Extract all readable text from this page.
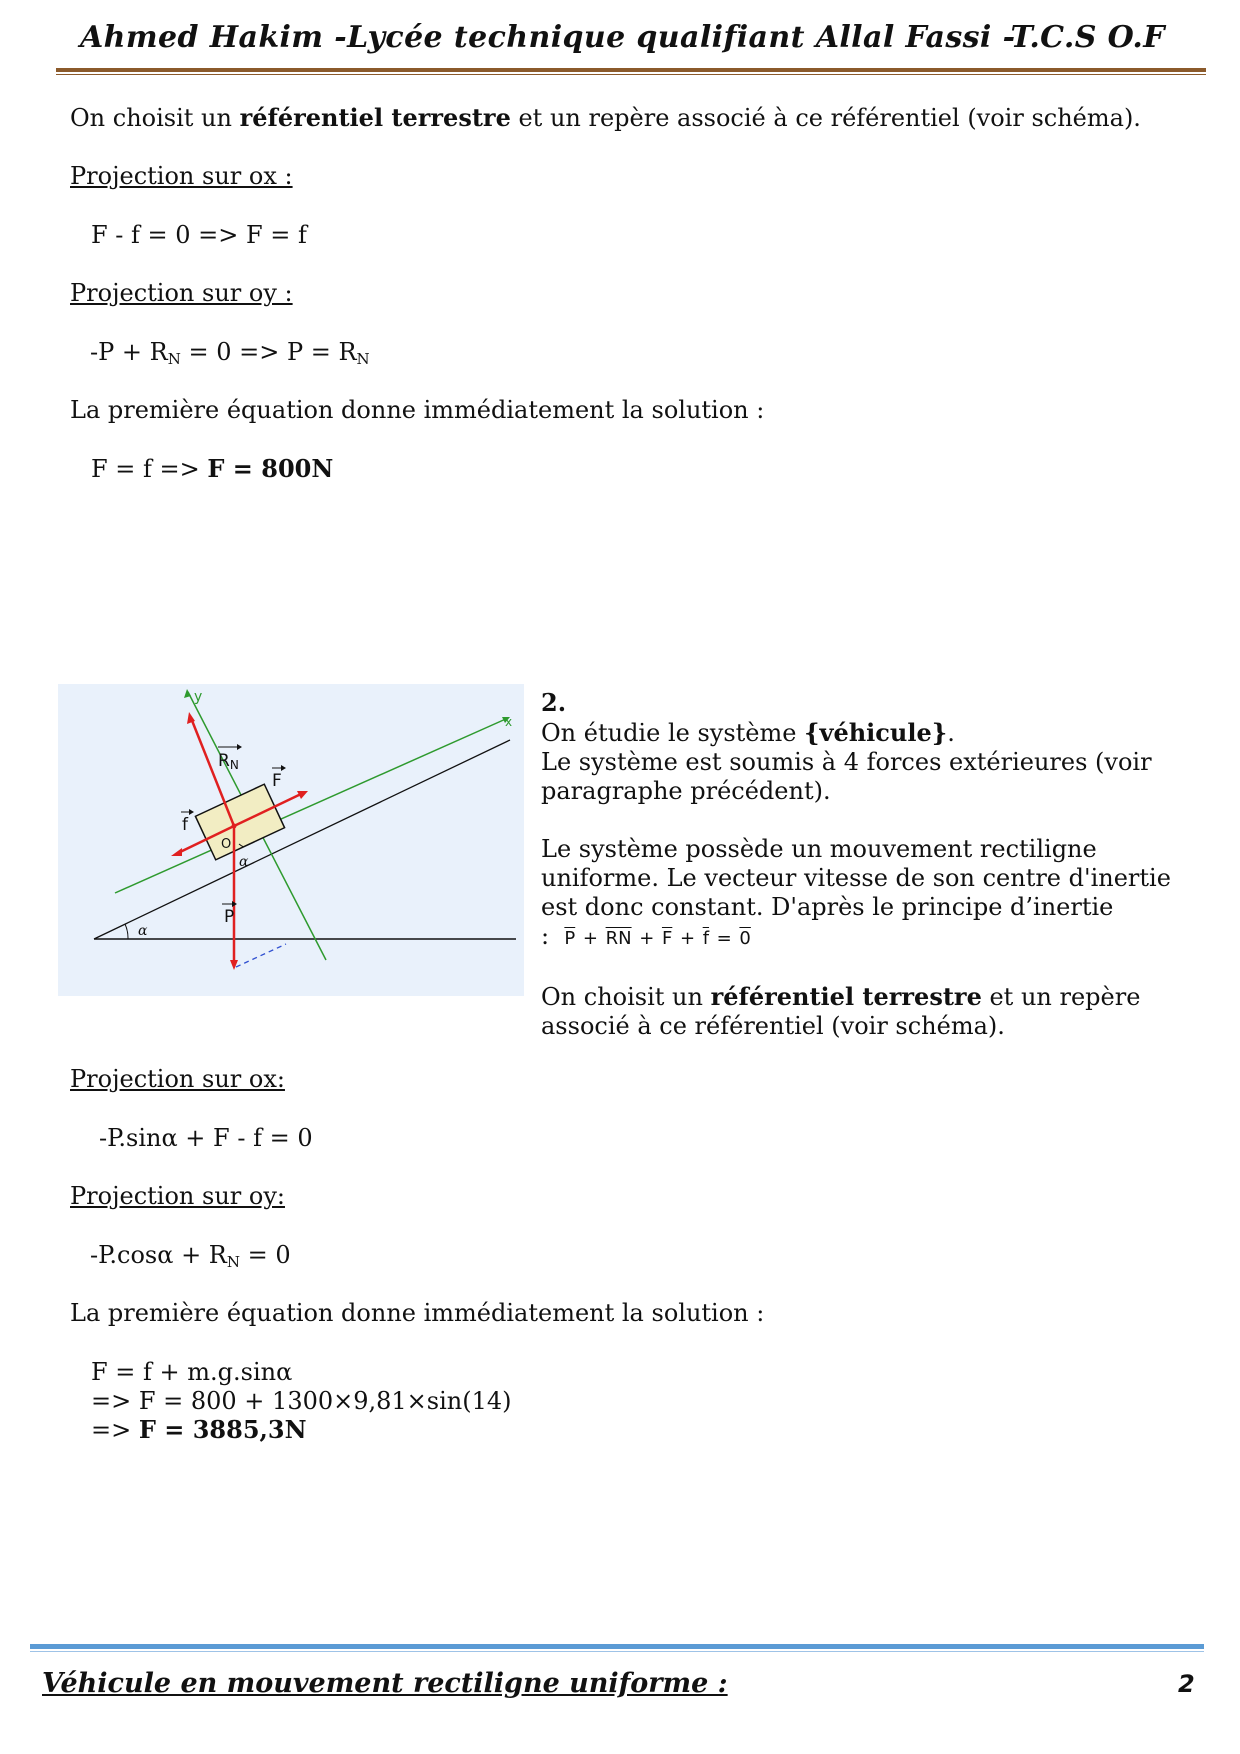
Ahmed Hakim -Lycée technique qualifiant Allal Fassi -T.C.S O.F
On choisit un référentiel terrestre et un repère associé à ce référentiel (voir schéma).
Projection sur ox :
F - f = 0 => F = f
Projection sur oy :
$-P + R_N = 0 => P = R_N$
La première équation donne immédiatement la solution :
F = f => F = 800N
α
x
y
O
α
RN
F
f
P

2.

On étudie le système {véhicule}.

Le système est soumis à 4 forces extérieures (voir

paragraphe précédent).

Le système possède un mouvement rectiligne

uniforme. Le vecteur vitesse de son centre d'inertie

est donc constant. D'après le principe d’inertie

: $\overline{P} + \overline{RN} + \overline{F} + \overline{f} = 0$

On choisit un référentiel terrestre et un repère

associé à ce référentiel (voir schéma).

Projection sur ox:
-P.sinα + F - f = 0
Projection sur oy:
$-P.\cos\alpha + R_N = 0$
La première équation donne immédiatement la solution :
F = f + m.g.sinα
=> F = 800 + 1300×9,81×sin(14)
=> F = 3885,3N
Véhicule en mouvement rectiligne uniforme :	2
